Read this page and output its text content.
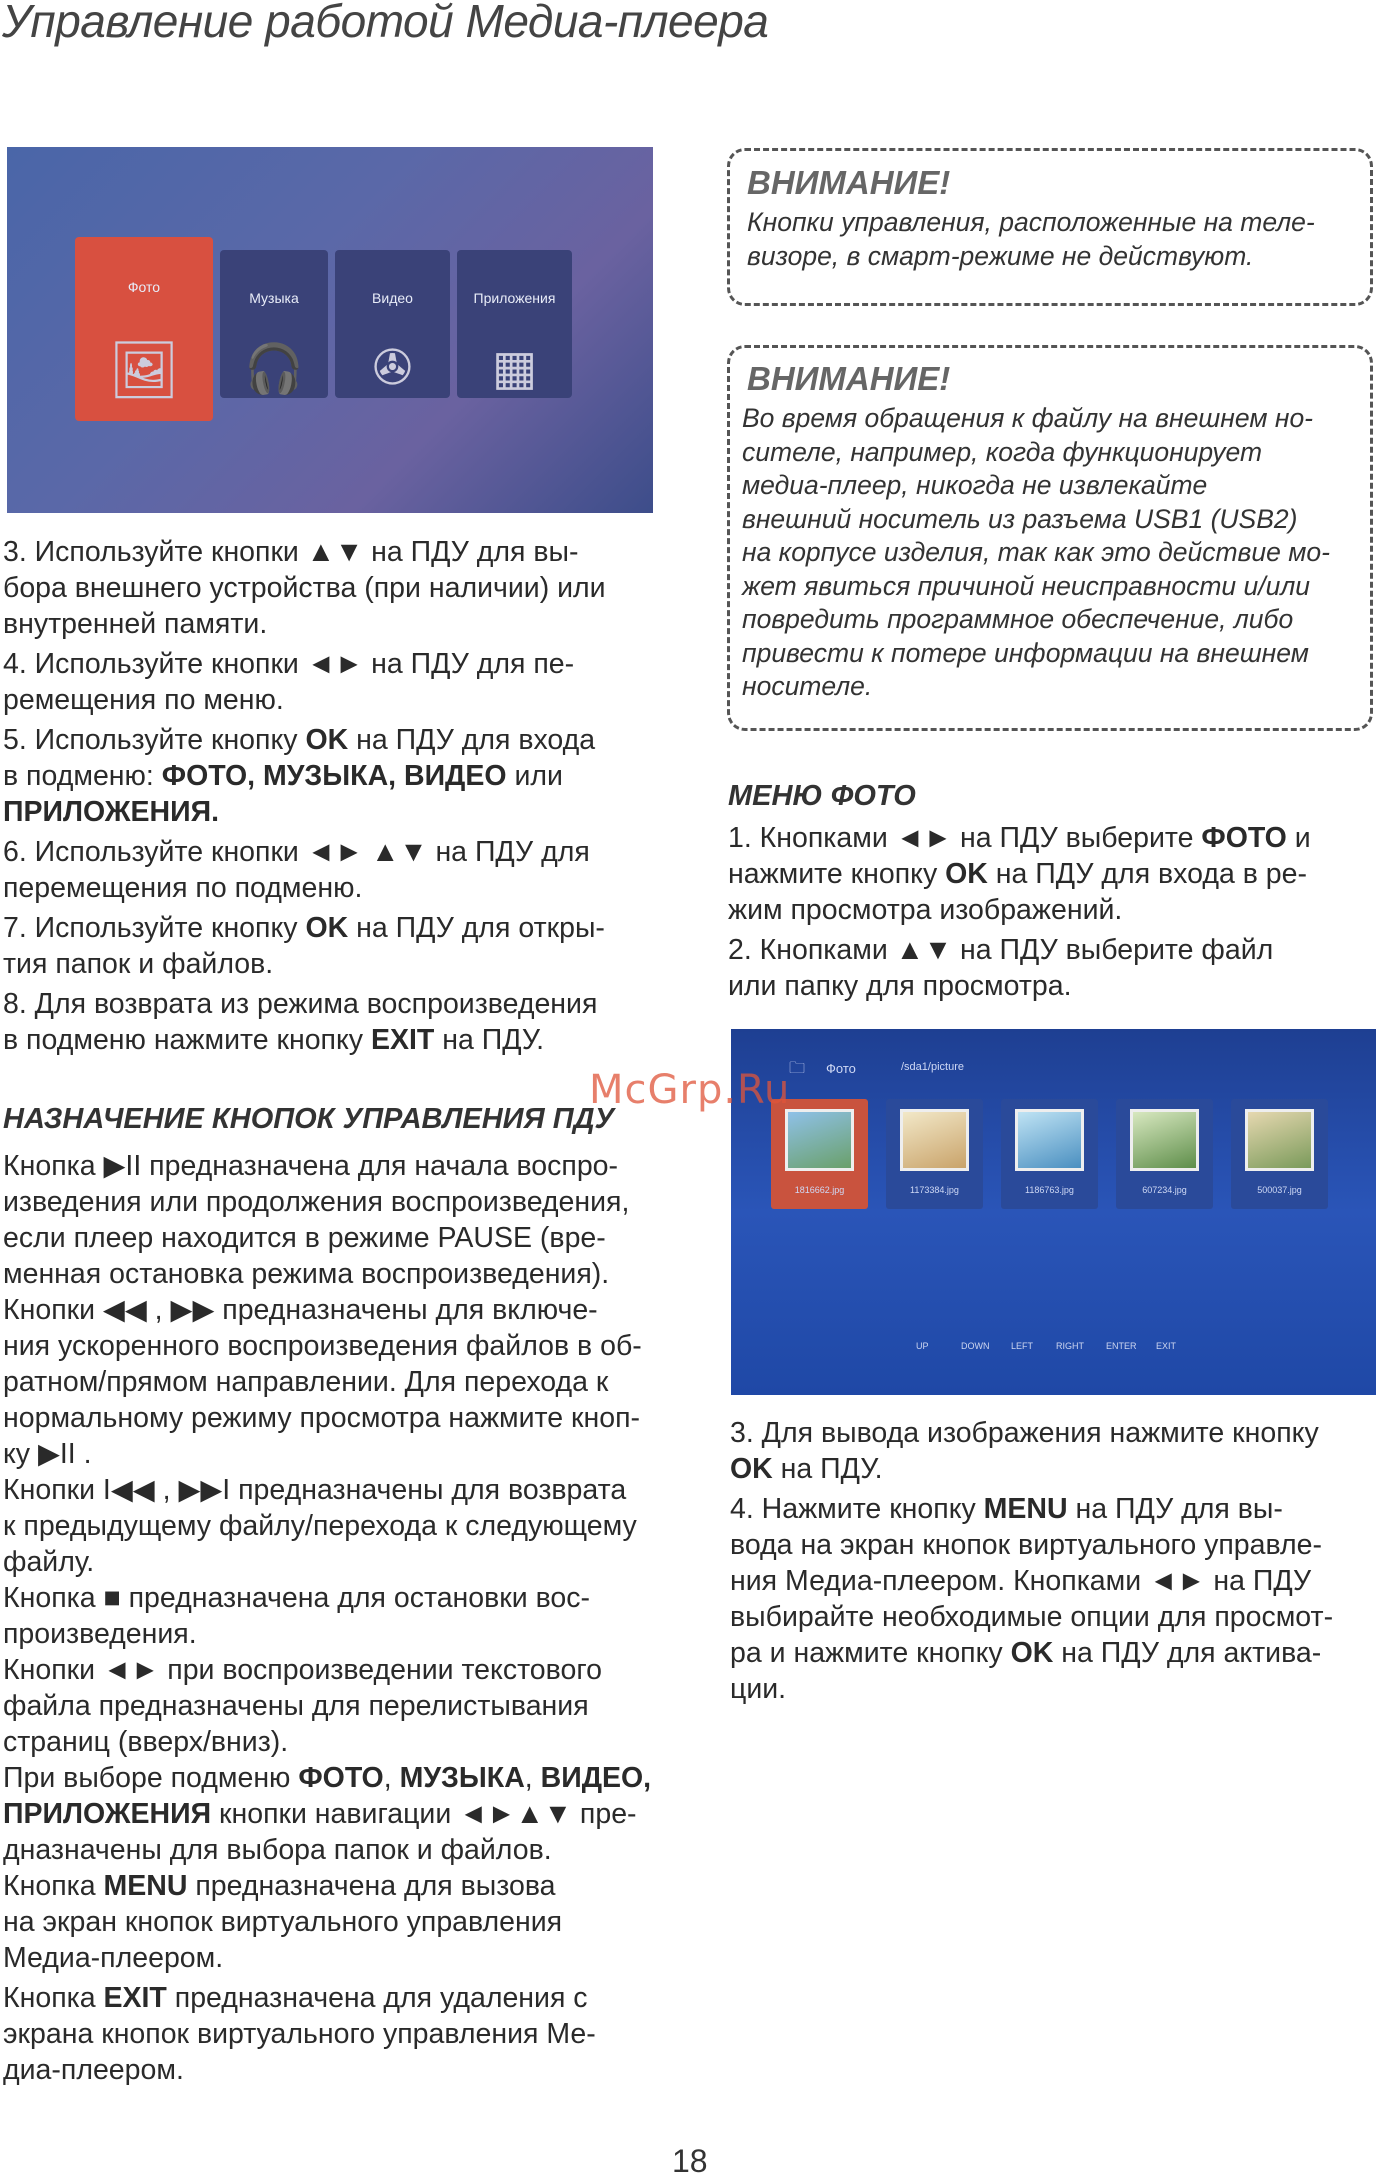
Управление работой Медиа-плеера
Фото
🖼
Музыка
🎧
Видео
✇
Приложения
▦

3. Используйте кнопки ▲▼ на ПДУ для вы-
бора внешнего устройства (при наличии) или
внутренней памяти.

4. Используйте кнопки ◄► на ПДУ для пе-
ремещения по меню.

5. Используйте кнопку OK на ПДУ для входа
в подменю: ФОТО, МУЗЫКА, ВИДЕО или
ПРИЛОЖЕНИЯ.

6. Используйте кнопки ◄► ▲▼ на ПДУ для
перемещения по подменю.

7. Используйте кнопку OK на ПДУ для откры-
тия папок и файлов.

8. Для возврата из режима воспроизведения
в подменю нажмите кнопку EXIT на ПДУ.

НАЗНАЧЕНИЕ КНОПОК УПРАВЛЕНИЯ ПДУ
Кнопка ▶II предназначена для начала воспро-
изведения или продолжения воспроизведения,
если плеер находится в режиме PAUSE (вре-
менная остановка режима воспроизведения).
Кнопки ◀◀ , ▶▶ предназначены для включе-
ния ускоренного воспроизведения файлов в об-
ратном/прямом направлении. Для перехода к
нормальному режиму просмотра нажмите кноп-
ку ▶II .
Кнопки I◀◀ , ▶▶I предназначены для возврата
к предыдущему файлу/перехода к следующему
файлу.
Кнопка ■ предназначена для остановки вос-
произведения.
Кнопки ◄► при воспроизведении текстового
файла предназначены для перелистывания
страниц (вверх/вниз).
При выборе подменю ФОТО, МУЗЫКА, ВИДЕО,
ПРИЛОЖЕНИЯ кнопки навигации ◄►▲▼ пре-
дназначены для выбора папок и файлов.
Кнопка MENU предназначена для вызова
на экран кнопок виртуального управления
Медиа-плеером.

Кнопка EXIT предназначена для удаления с
экрана кнопок виртуального управления Ме-
диа-плеером.
ВНИМАНИЕ!
Кнопки управления, расположенные на теле-
визоре, в смарт-режиме не действуют.
ВНИМАНИЕ!
Во время обращения к файлу на внешнем но-
сителе, например, когда функционирует
медиа-плеер, никогда не извлекайте
внешний носитель из разъема USB1 (USB2)
на корпусе изделия, так как это действие мо-
жет явиться причиной неисправности и/или
повредить программное обеспечение, либо
привести к потере информации на внешнем
носителе.
МЕНЮ ФОТО

1. Кнопками ◄► на ПДУ выберите ФОТО и
нажмите кнопку OK на ПДУ для входа в ре-
жим просмотра изображений.

2. Кнопками ▲▼ на ПДУ выберите файл
или папку для просмотра.

🗀 Фото	/sda1/picture
1816662.jpg	1173384.jpg	1186763.jpg	607234.jpg	500037.jpg
UP	DOWN LEFT	RIGHT ENTER EXIT
McGrp.Ru

3. Для вывода изображения нажмите кнопку
OK на ПДУ.

4. Нажмите кнопку MENU на ПДУ для вы-
вода на экран кнопок виртуального управле-
ния Медиа-плеером. Кнопками ◄► на ПДУ
выбирайте необходимые опции для просмот-
ра и нажмите кнопку OK на ПДУ для актива-
ции.

18
